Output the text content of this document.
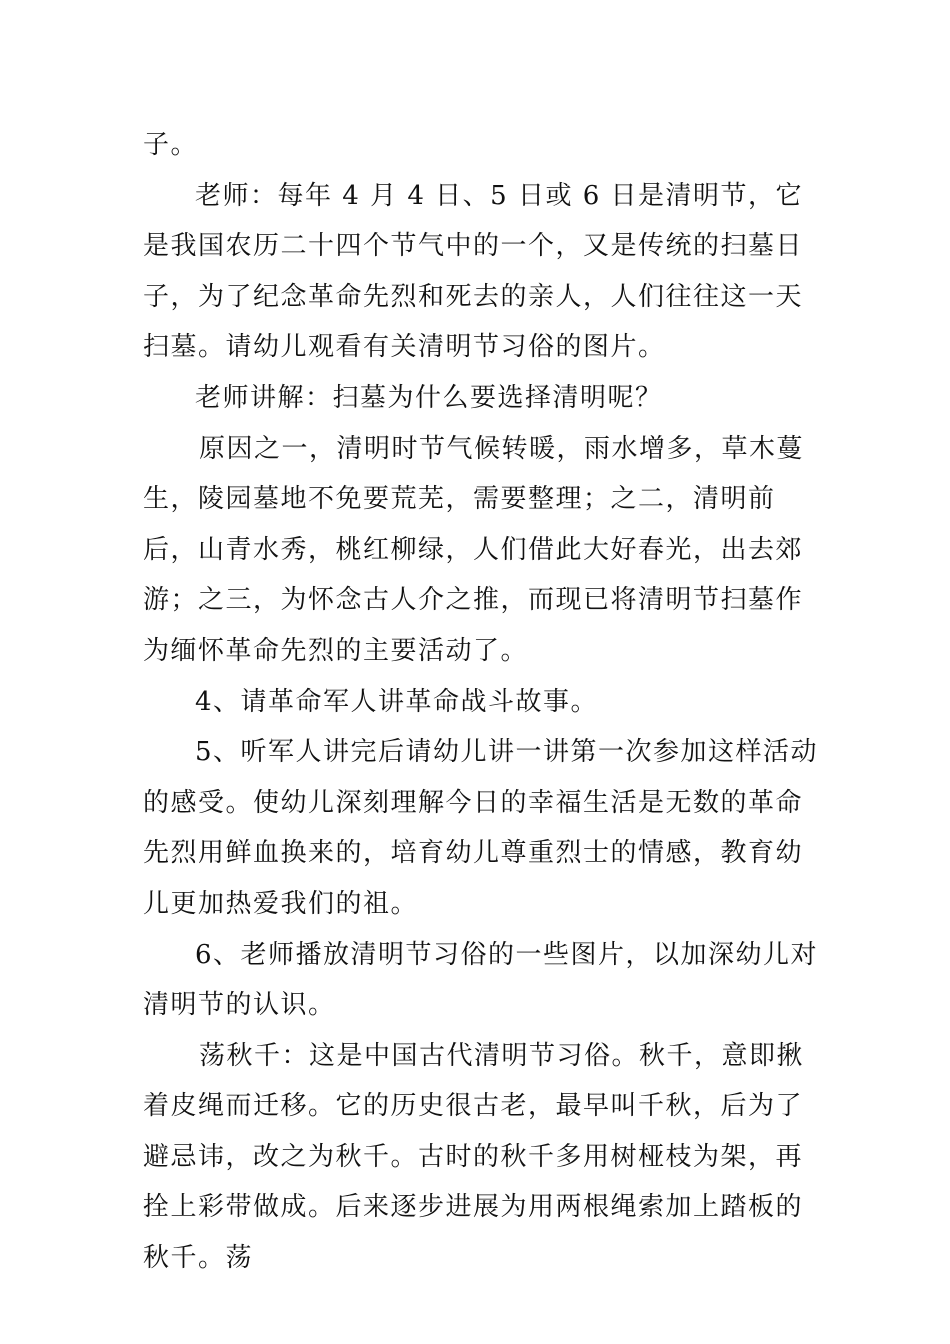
子。

老师：每年 4 月 4 日、5 日或 6 日是清明节，它是我国农历二十四个节气中的一个，又是传统的扫墓日子，为了纪念革命先烈和死去的亲人，人们往往这一天扫墓。请幼儿观看有关清明节习俗的图片。

老师讲解：扫墓为什么要选择清明呢？

原因之一，清明时节气候转暖，雨水增多，草木蔓生，陵园墓地不免要荒芜，需要整理；之二，清明前后，山青水秀，桃红柳绿，人们借此大好春光，出去郊游；之三，为怀念古人介之推，而现已将清明节扫墓作为缅怀革命先烈的主要活动了。

4、请革命军人讲革命战斗故事。

5、听军人讲完后请幼儿讲一讲第一次参加这样活动的感受。使幼儿深刻理解今日的幸福生活是无数的革命先烈用鲜血换来的，培育幼儿尊重烈士的情感，教育幼儿更加热爱我们的祖。

6、老师播放清明节习俗的一些图片，以加深幼儿对清明节的认识。

荡秋千：这是中国古代清明节习俗。秋千，意即揪着皮绳而迁移。它的历史很古老，最早叫千秋，后为了避忌讳，改之为秋千。古时的秋千多用树桠枝为架，再拴上彩带做成。后来逐步进展为用两根绳索加上踏板的秋千。荡
